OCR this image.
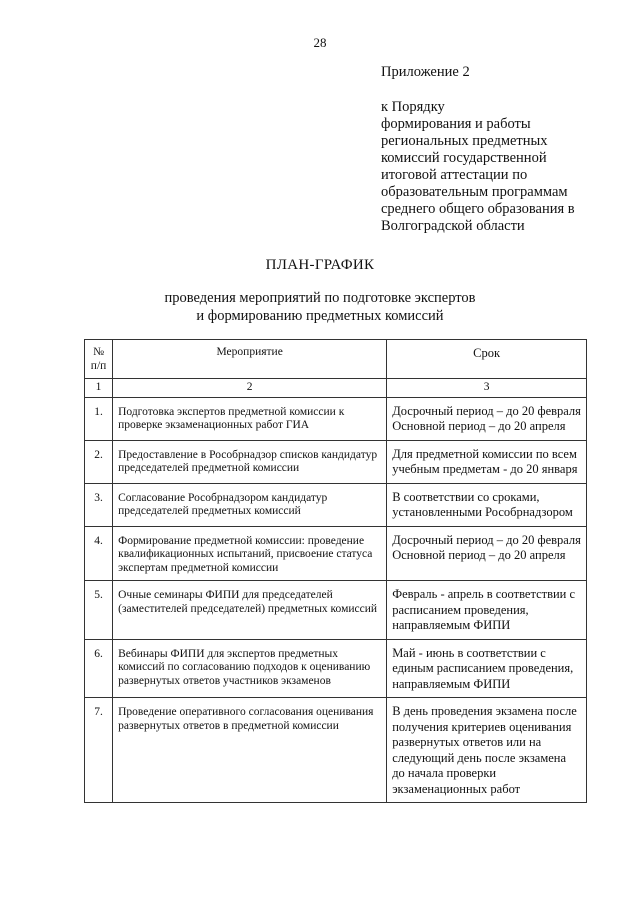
28
Приложение 2
к Порядку
формирования и работы
региональных предметных
комиссий государственной
итоговой аттестации по
образовательным программам
среднего общего образования в
Волгоградской области
ПЛАН-ГРАФИК
проведения мероприятий по подготовке экспертов
и формированию предметных комиссий
№ п/п	Мероприятие	Срок
1	2	3
1.	Подготовка экспертов предметной комиссии к проверке экзаменационных работ ГИА	Досрочный период – до 20 февраля
Основной период – до 20 апреля

2.	Предоставление в Рособрнадзор списков кандидатур председателей предметной комиссии	Для предметной комиссии по всем учебным предметам - до 20 января

3.	Согласование Рособрнадзором кандидатур председателей предметных комиссий	В соответствии со сроками, установленными Рособрнадзором

4.	Формирование предметной комиссии: проведение квалификационных испытаний, присвоение статуса экспертам предметной комиссии	Досрочный период – до 20 февраля
Основной период – до 20 апреля

5.	Очные семинары ФИПИ для председателей (заместителей председателей) предметных комиссий	Февраль - апрель в соответствии с расписанием проведения, направляемым ФИПИ

6.	Вебинары ФИПИ для экспертов предметных комиссий по согласованию подходов к оцениванию развернутых ответов участников экзаменов	Май - июнь в соответствии с единым расписанием проведения, направляемым ФИПИ

7.	Проведение оперативного согласования оценивания развернутых ответов в предметной комиссии	В день проведения экзамена после получения критериев оценивания развернутых ответов или на следующий день после экзамена до начала проверки экзаменационных работ
